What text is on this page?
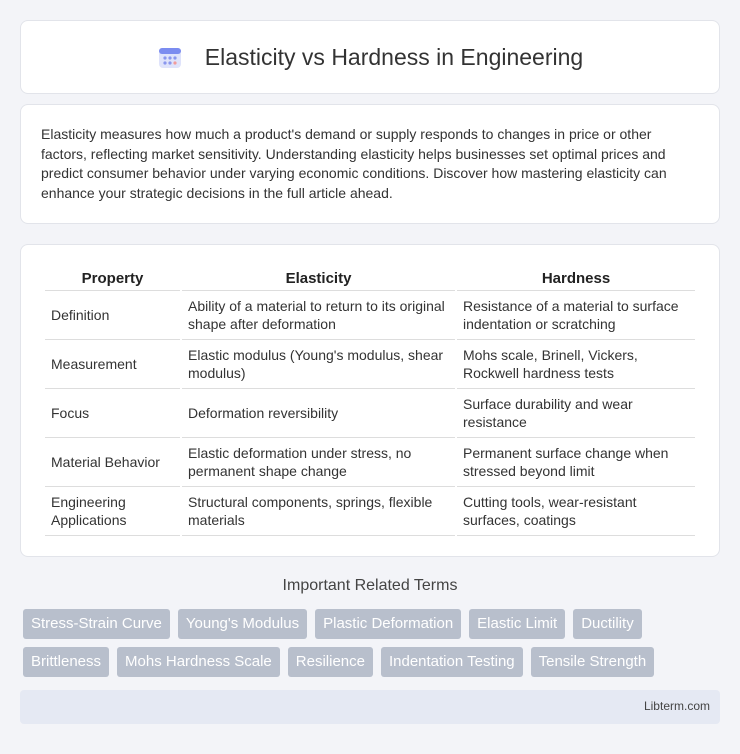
Elasticity vs Hardness in Engineering

Elasticity measures how much a product's demand or supply responds to changes in price or other factors, reflecting market sensitivity. Understanding elasticity helps businesses set optimal prices and predict consumer behavior under varying economic conditions. Discover how mastering elasticity can enhance your strategic decisions in the full article ahead.

Property	Elasticity	Hardness
Definition	Ability of a material to return to its original shape after deformation	Resistance of a material to surface indentation or scratching
Measurement	Elastic modulus (Young's modulus, shear modulus)	Mohs scale, Brinell, Vickers, Rockwell hardness tests
Focus	Deformation reversibility	Surface durability and wear resistance
Material Behavior	Elastic deformation under stress, no permanent shape change	Permanent surface change when stressed beyond limit
Engineering Applications	Structural components, springs, flexible materials	Cutting tools, wear-resistant surfaces, coatings
Important Related Terms
Stress-Strain Curve	Young's Modulus	Plastic Deformation	Elastic Limit	Ductility
Brittleness	Mohs Hardness Scale	Resilience	Indentation Testing	Tensile Strength
Libterm.com
